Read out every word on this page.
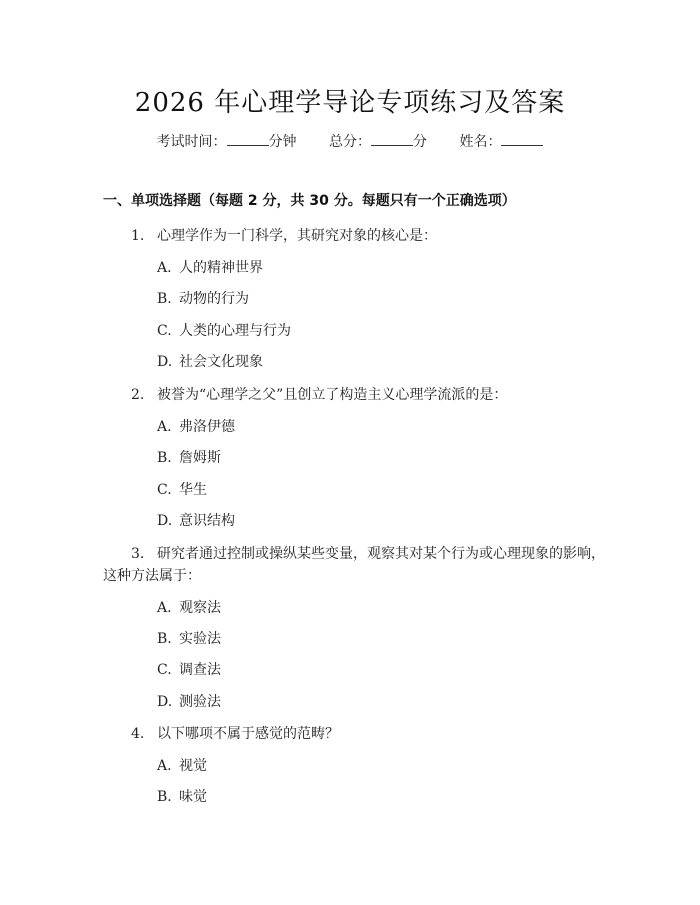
2026 年心理学导论专项练习及答案
考试时间：	分钟 总分：	分 姓名：
一、单项选择题（每题 2 分，共 30 分。每题只有一个正确选项）
1. 心理学作为一门科学，其研究对象的核心是：
A. 人的精神世界
B. 动物的行为
C. 人类的心理与行为
D. 社会文化现象
2. 被誉为“心理学之父”且创立了构造主义心理学流派的是：
A. 弗洛伊德
B. 詹姆斯
C. 华生
D. 意识结构
3. 研究者通过控制或操纵某些变量，观察其对某个行为或心理现象的影响，
这种方法属于：
A. 观察法
B. 实验法
C. 调查法
D. 测验法
4. 以下哪项不属于感觉的范畴？
A. 视觉
B. 味觉
